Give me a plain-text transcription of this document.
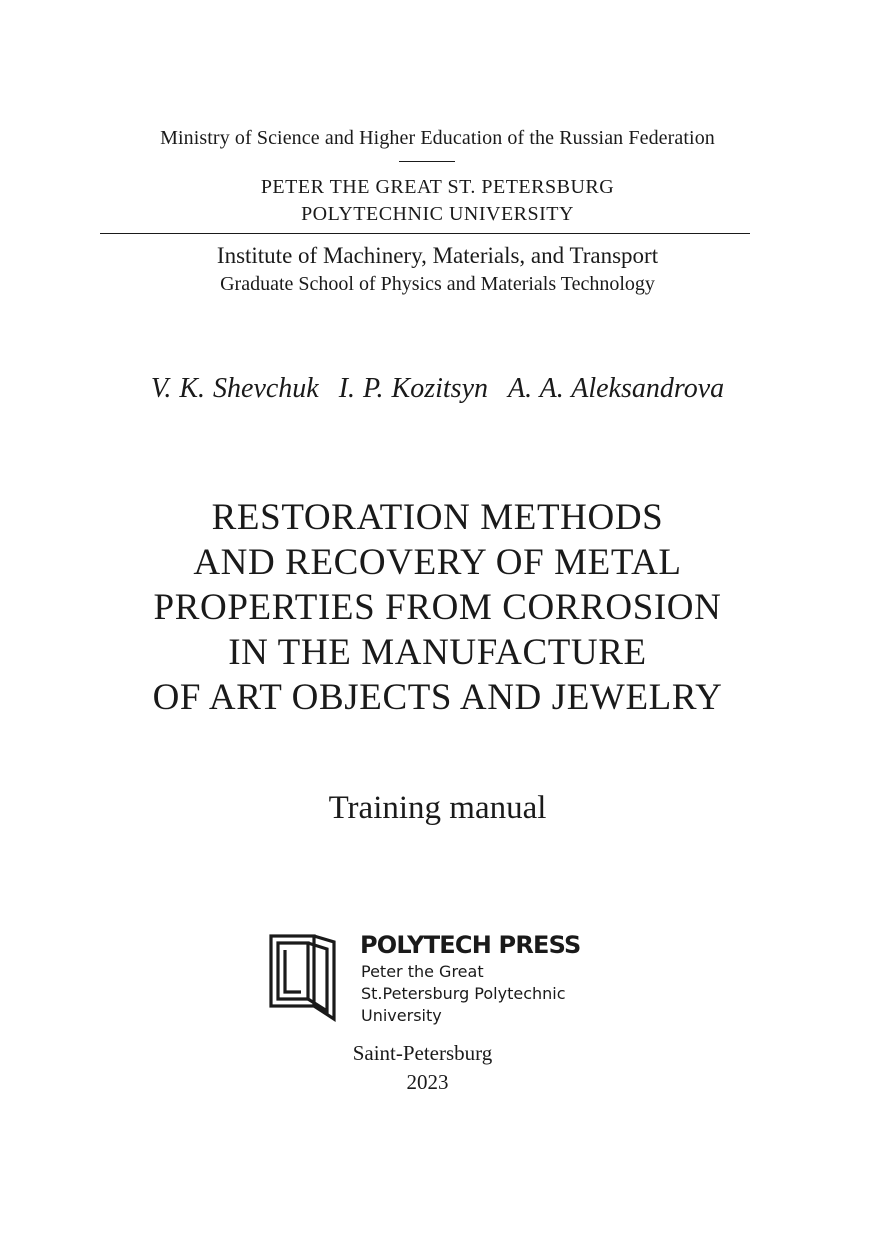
Ministry of Science and Higher Education of the Russian Federation
PETER THE GREAT ST. PETERSBURG
POLYTECHNIC UNIVERSITY
Institute of Machinery, Materials, and Transport
Graduate School of Physics and Materials Technology
V. K. Shevchuk I. P. Kozitsyn A. A. Aleksandrova
RESTORATION METHODS
AND RECOVERY OF METAL
PROPERTIES FROM CORROSION
IN THE MANUFACTURE
OF ART OBJECTS AND JEWELRY
Training manual
POLYTECH PRESS
Peter the Great
St.Petersburg Polytechnic
University
Saint-Petersburg
2023
